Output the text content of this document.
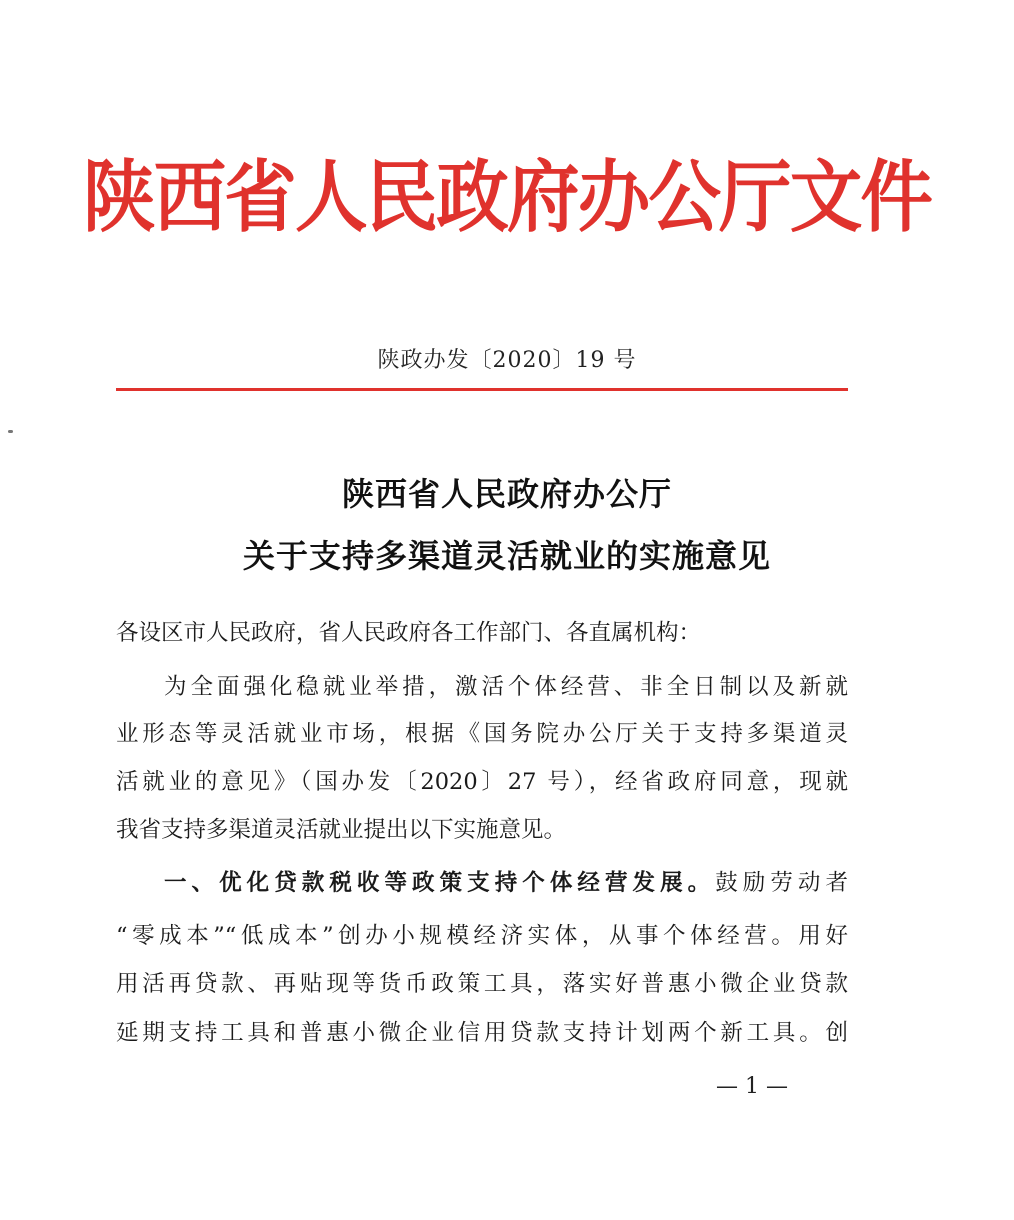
陕西省人民政府办公厅文件
陕政办发〔2020〕19 号
陕西省人民政府办公厅
关于支持多渠道灵活就业的实施意见
各设区市人民政府，省人民政府各工作部门、各直属机构：
为全面强化稳就业举措，激活个体经营、非全日制以及新就
业形态等灵活就业市场，根据《国务院办公厅关于支持多渠道灵
活就业的意见》（国办发〔2020〕27 号），经省政府同意，现就
我省支持多渠道灵活就业提出以下实施意见。
一、优化贷款税收等政策支持个体经营发展。鼓励劳动者
“零成本”“低成本”创办小规模经济实体，从事个体经营。用好
用活再贷款、再贴现等货币政策工具，落实好普惠小微企业贷款
延期支持工具和普惠小微企业信用贷款支持计划两个新工具。创
— 1 —
